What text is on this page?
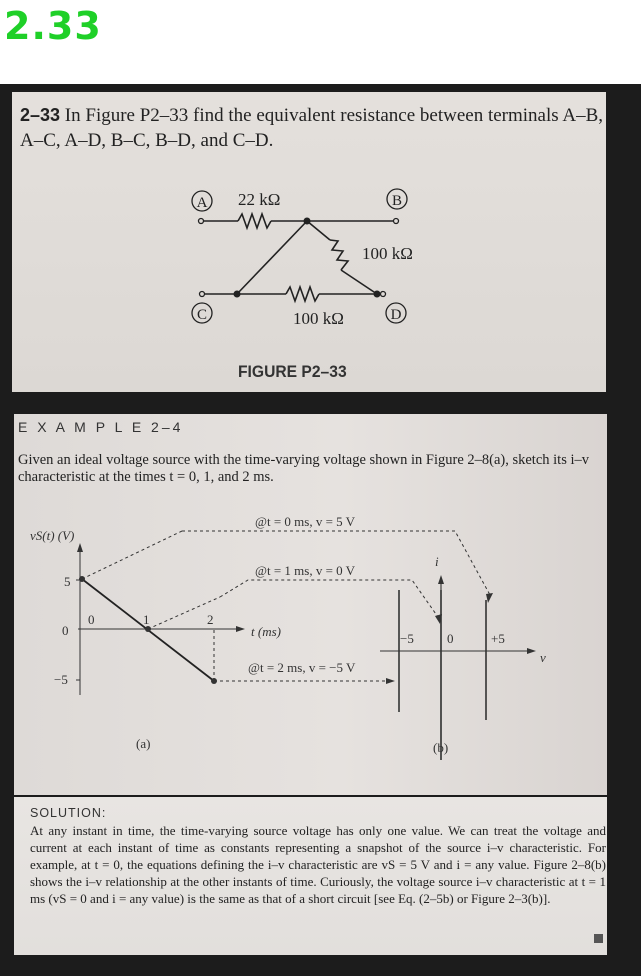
2.33
2–33 In Figure P2–33 find the equivalent resistance between terminals A–B, A–C, A–D, B–C, B–D, and C–D.
A	B
C	D
22 kΩ
100 kΩ
100 kΩ
FIGURE P2–33
E X A M P L E 2–4
Given an ideal voltage source with the time-varying voltage shown in Figure 2–8(a), sketch its i–v characteristic at the times t = 0, 1, and 2 ms.
vS(t) (V)
5
0
−5
0	1	2
t (ms)
(a)
@t = 0 ms, v = 5 V
@t = 1 ms, v = 0 V
@t = 2 ms, v = −5 V
i
v
−5	0	+5
(b)
SOLUTION:
At any instant in time, the time-varying source voltage has only one value. We can treat the voltage and current at each instant of time as constants representing a snapshot of the source i–v characteristic. For example, at t = 0, the equations defining the i–v characteristic are vS = 5 V and i = any value. Figure 2–8(b) shows the i–v relationship at the other instants of time. Curiously, the voltage source i–v characteristic at t = 1 ms (vS = 0 and i = any value) is the same as that of a short circuit [see Eq. (2–5b) or Figure 2–3(b)].
